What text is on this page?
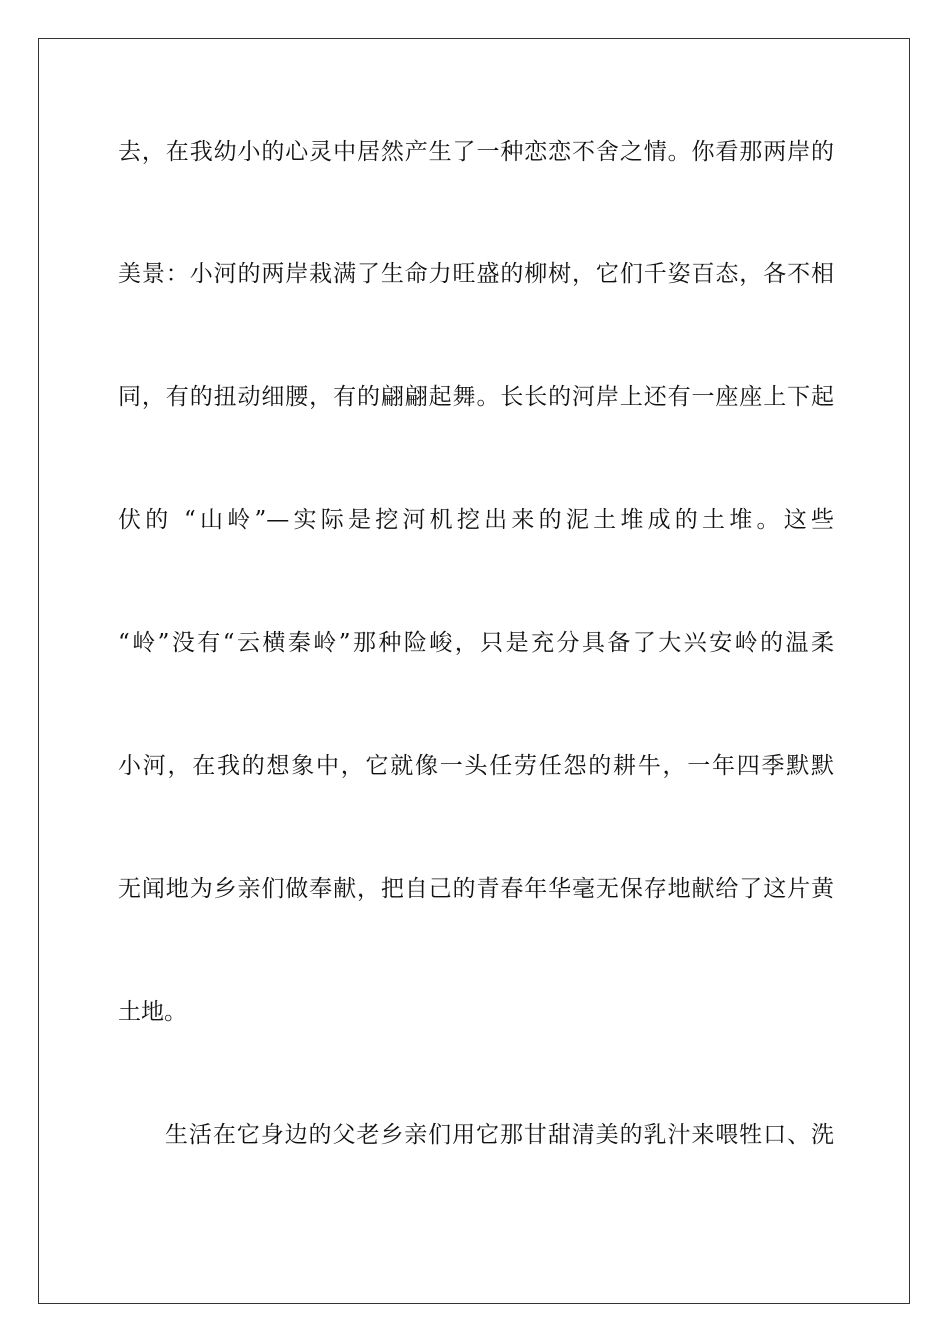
去，在我幼小的心灵中居然产生了一种恋恋不舍之情。你看那两岸的
美景：小河的两岸栽满了生命力旺盛的柳树，它们千姿百态，各不相
同，有的扭动细腰，有的翩翩起舞。长长的河岸上还有一座座上下起
伏的 “山岭”—实际是挖河机挖出来的泥土堆成的土堆。这些
“岭”没有“云横秦岭”那种险峻，只是充分具备了大兴安岭的温柔
小河，在我的想象中，它就像一头任劳任怨的耕牛，一年四季默默
无闻地为乡亲们做奉献，把自己的青春年华毫无保存地献给了这片黄
土地。
生活在它身边的父老乡亲们用它那甘甜清美的乳汁来喂牲口、洗
